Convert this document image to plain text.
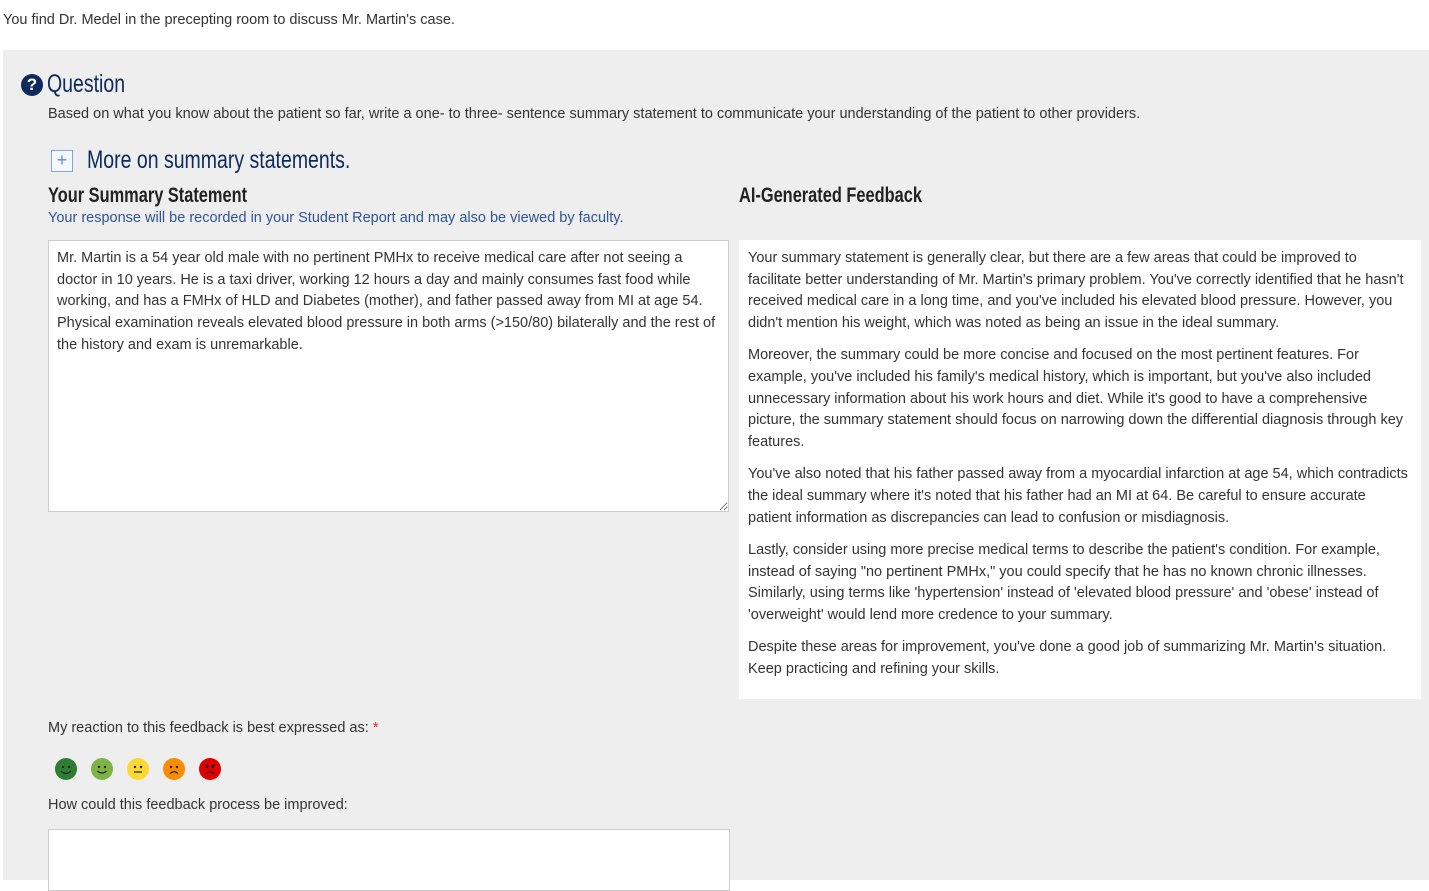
You find Dr. Medel in the precepting room to discuss Mr. Martin's case.
? Question
Based on what you know about the patient so far, write a one- to three- sentence summary statement to communicate your understanding of the patient to other providers.
+ More on summary statements.
Your Summary Statement
Your response will be recorded in your Student Report and may also be viewed by faculty.
Mr. Martin is a 54 year old male with no pertinent PMHx to receive medical care after not seeing a doctor in 10 years. He is a taxi driver, working 12 hours a day and mainly consumes fast food while working, and has a FMHx of HLD and Diabetes (mother), and father passed away from MI at age 54. Physical examination reveals elevated blood pressure in both arms (>150/80) bilaterally and the rest of the history and exam is unremarkable.
AI-Generated Feedback

Your summary statement is generally clear, but there are a few areas that could be improved to facilitate better understanding of Mr. Martin's primary problem. You've correctly identified that he hasn't received medical care in a long time, and you've included his elevated blood pressure. However, you didn't mention his weight, which was noted as being an issue in the ideal summary.

Moreover, the summary could be more concise and focused on the most pertinent features. For example, you've included his family's medical history, which is important, but you've also included unnecessary information about his work hours and diet. While it's good to have a comprehensive picture, the summary statement should focus on narrowing down the differential diagnosis through key features.

You've also noted that his father passed away from a myocardial infarction at age 54, which contradicts the ideal summary where it's noted that his father had an MI at 64. Be careful to ensure accurate patient information as discrepancies can lead to confusion or misdiagnosis.

Lastly, consider using more precise medical terms to describe the patient's condition. For example, instead of saying "no pertinent PMHx," you could specify that he has no known chronic illnesses. Similarly, using terms like 'hypertension' instead of 'elevated blood pressure' and 'obese' instead of 'overweight' would lend more credence to your summary.

Despite these areas for improvement, you've done a good job of summarizing Mr. Martin's situation. Keep practicing and refining your skills.

My reaction to this feedback is best expressed as: *
How could this feedback process be improved:
